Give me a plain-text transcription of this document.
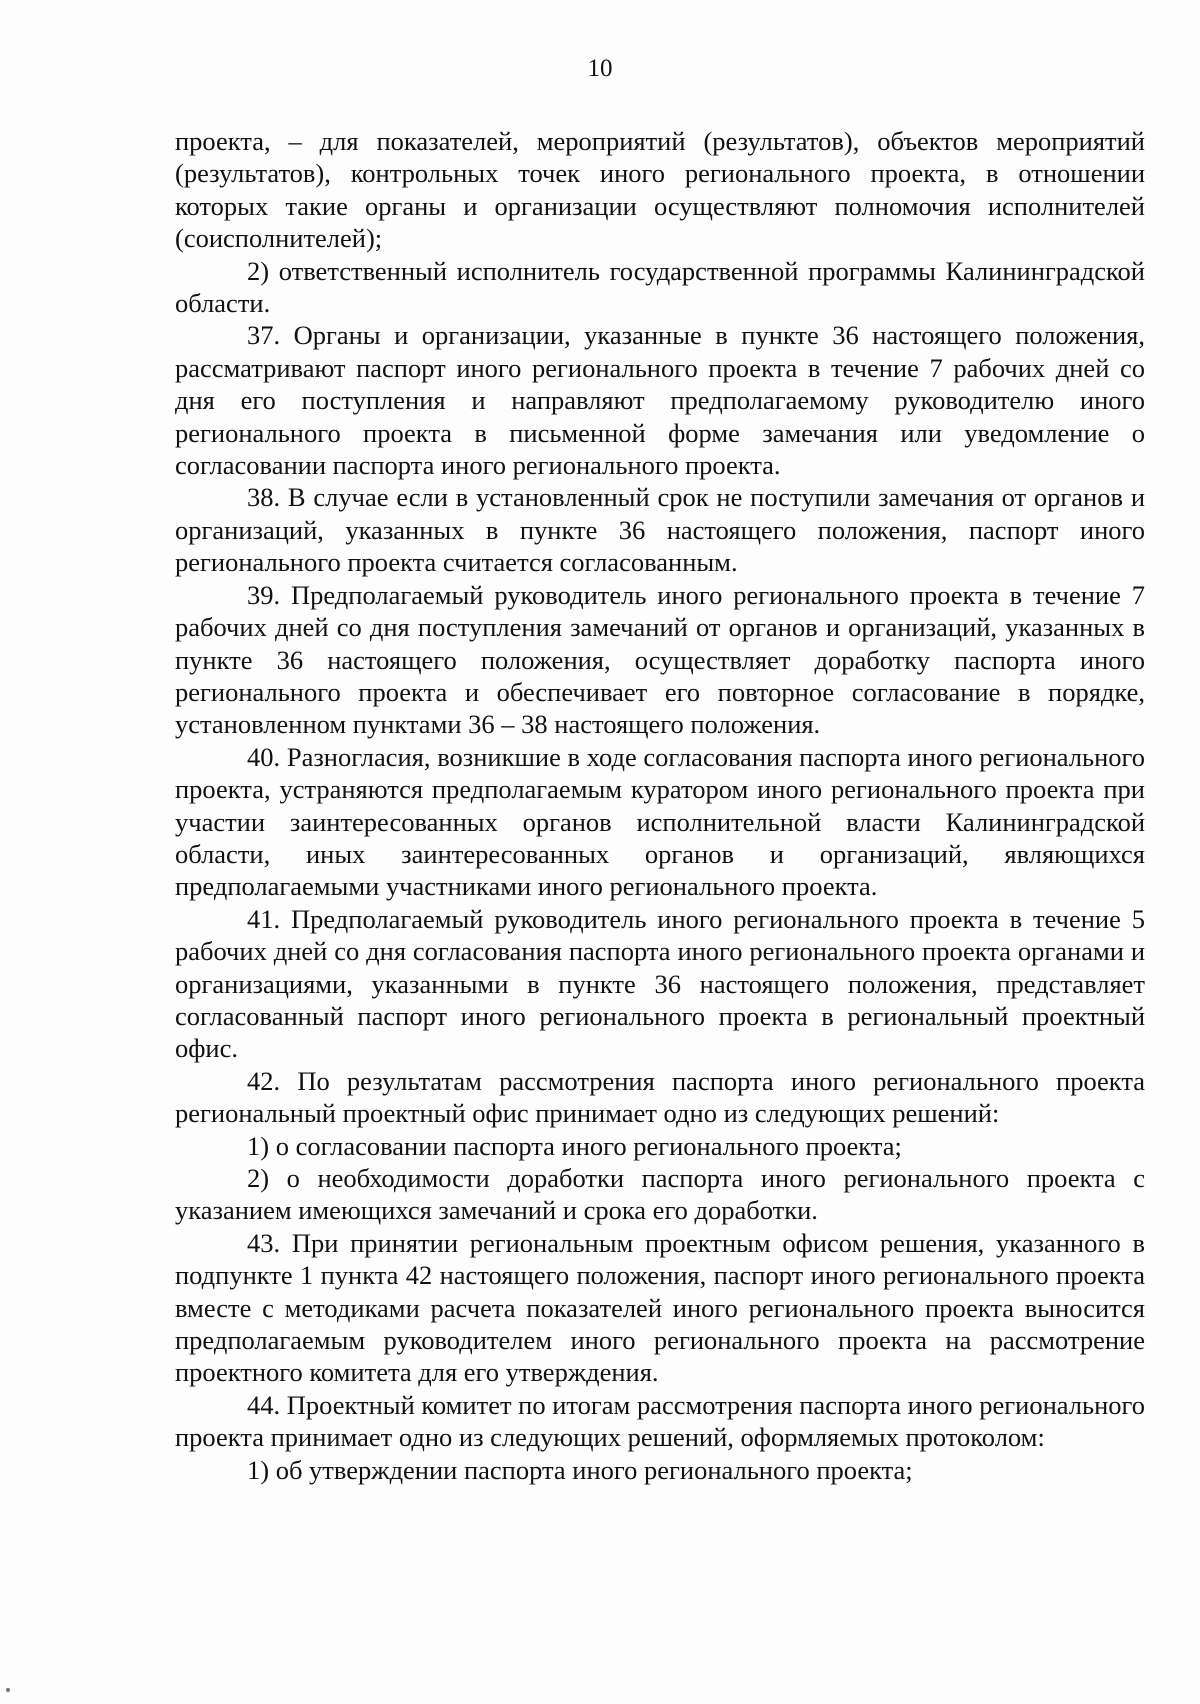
10

проекта, – для показателей, мероприятий (результатов), объектов мероприятий (результатов), контрольных точек иного регионального проекта, в отношении которых такие органы и организации осуществляют полномочия исполнителей (соисполнителей);

2) ответственный исполнитель государственной программы Калининградской области.

37. Органы и организации, указанные в пункте 36 настоящего положения, рассматривают паспорт иного регионального проекта в течение 7 рабочих дней со дня его поступления и направляют предполагаемому руководителю иного регионального проекта в письменной форме замечания или уведомление о согласовании паспорта иного регионального проекта.

38. В случае если в установленный срок не поступили замечания от органов и организаций, указанных в пункте 36 настоящего положения, паспорт иного регионального проекта считается согласованным.

39. Предполагаемый руководитель иного регионального проекта в течение 7 рабочих дней со дня поступления замечаний от органов и организаций, указанных в пункте 36 настоящего положения, осуществляет доработку паспорта иного регионального проекта и обеспечивает его повторное согласование в порядке, установленном пунктами 36 – 38 настоящего положения.

40. Разногласия, возникшие в ходе согласования паспорта иного регионального проекта, устраняются предполагаемым куратором иного регионального проекта при участии заинтересованных органов исполнительной власти Калининградской области, иных заинтересованных органов и организаций, являющихся предполагаемыми участниками иного регионального проекта.

41. Предполагаемый руководитель иного регионального проекта в течение 5 рабочих дней со дня согласования паспорта иного регионального проекта органами и организациями, указанными в пункте 36 настоящего положения, представляет согласованный паспорт иного регионального проекта в региональный проектный офис.

42. По результатам рассмотрения паспорта иного регионального проекта региональный проектный офис принимает одно из следующих решений:

1) о согласовании паспорта иного регионального проекта;

2) о необходимости доработки паспорта иного регионального проекта с указанием имеющихся замечаний и срока его доработки.

43. При принятии региональным проектным офисом решения, указанного в подпункте 1 пункта 42 настоящего положения, паспорт иного регионального проекта вместе с методиками расчета показателей иного регионального проекта выносится предполагаемым руководителем иного регионального проекта на рассмотрение проектного комитета для его утверждения.

44. Проектный комитет по итогам рассмотрения паспорта иного регионального проекта принимает одно из следующих решений, оформляемых протоколом:

1) об утверждении паспорта иного регионального проекта;
